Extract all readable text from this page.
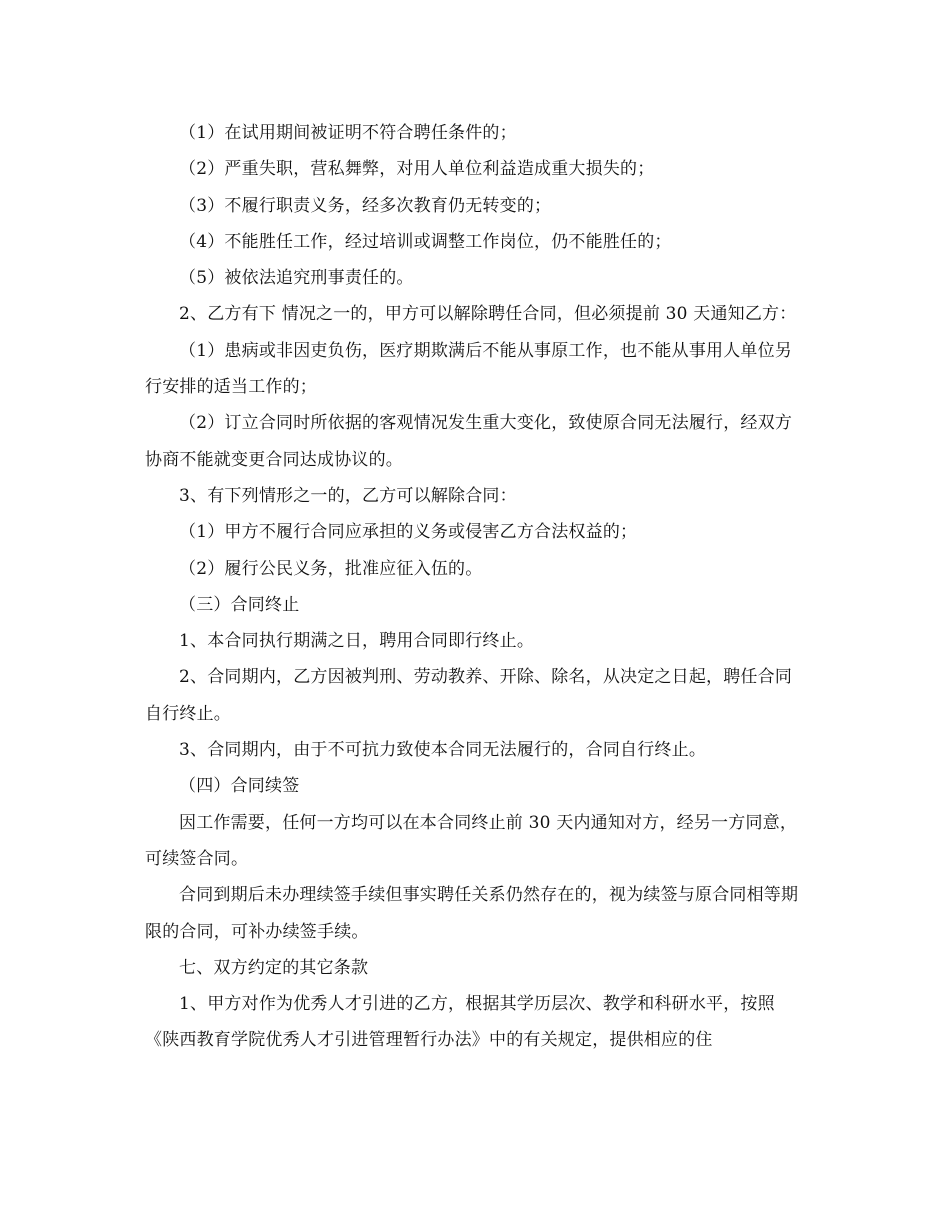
（1）在试用期间被证明不符合聘任条件的；

（2）严重失职，营私舞弊，对用人单位利益造成重大损失的；

（3）不履行职责义务，经多次教育仍无转变的；

（4）不能胜任工作，经过培训或调整工作岗位，仍不能胜任的；

（5）被依法追究刑事责任的。

2、乙方有下 情况之一的，甲方可以解除聘任合同，但必须提前 30 天通知乙方：

（1）患病或非因吏负伤，医疗期欺满后不能从事原工作，也不能从事用人单位另行安排的适当工作的；

（2）订立合同时所依据的客观情况发生重大变化，致使原合同无法履行，经双方协商不能就变更合同达成协议的。

3、有下列情形之一的，乙方可以解除合同：

（1）甲方不履行合同应承担的义务或侵害乙方合法权益的；

（2）履行公民义务，批准应征入伍的。

（三）合同终止

1、本合同执行期满之日，聘用合同即行终止。

2、合同期内，乙方因被判刑、劳动教养、开除、除名，从决定之日起，聘任合同自行终止。

3、合同期内，由于不可抗力致使本合同无法履行的，合同自行终止。

（四）合同续签

因工作需要，任何一方均可以在本合同终止前 30 天内通知对方，经另一方同意，可续签合同。

合同到期后未办理续签手续但事实聘任关系仍然存在的，视为续签与原合同相等期限的合同，可补办续签手续。

七、双方约定的其它条款

1、甲方对作为优秀人才引进的乙方，根据其学历层次、教学和科研水平，按照《陕西教育学院优秀人才引进管理暂行办法》中的有关规定，提供相应的住
